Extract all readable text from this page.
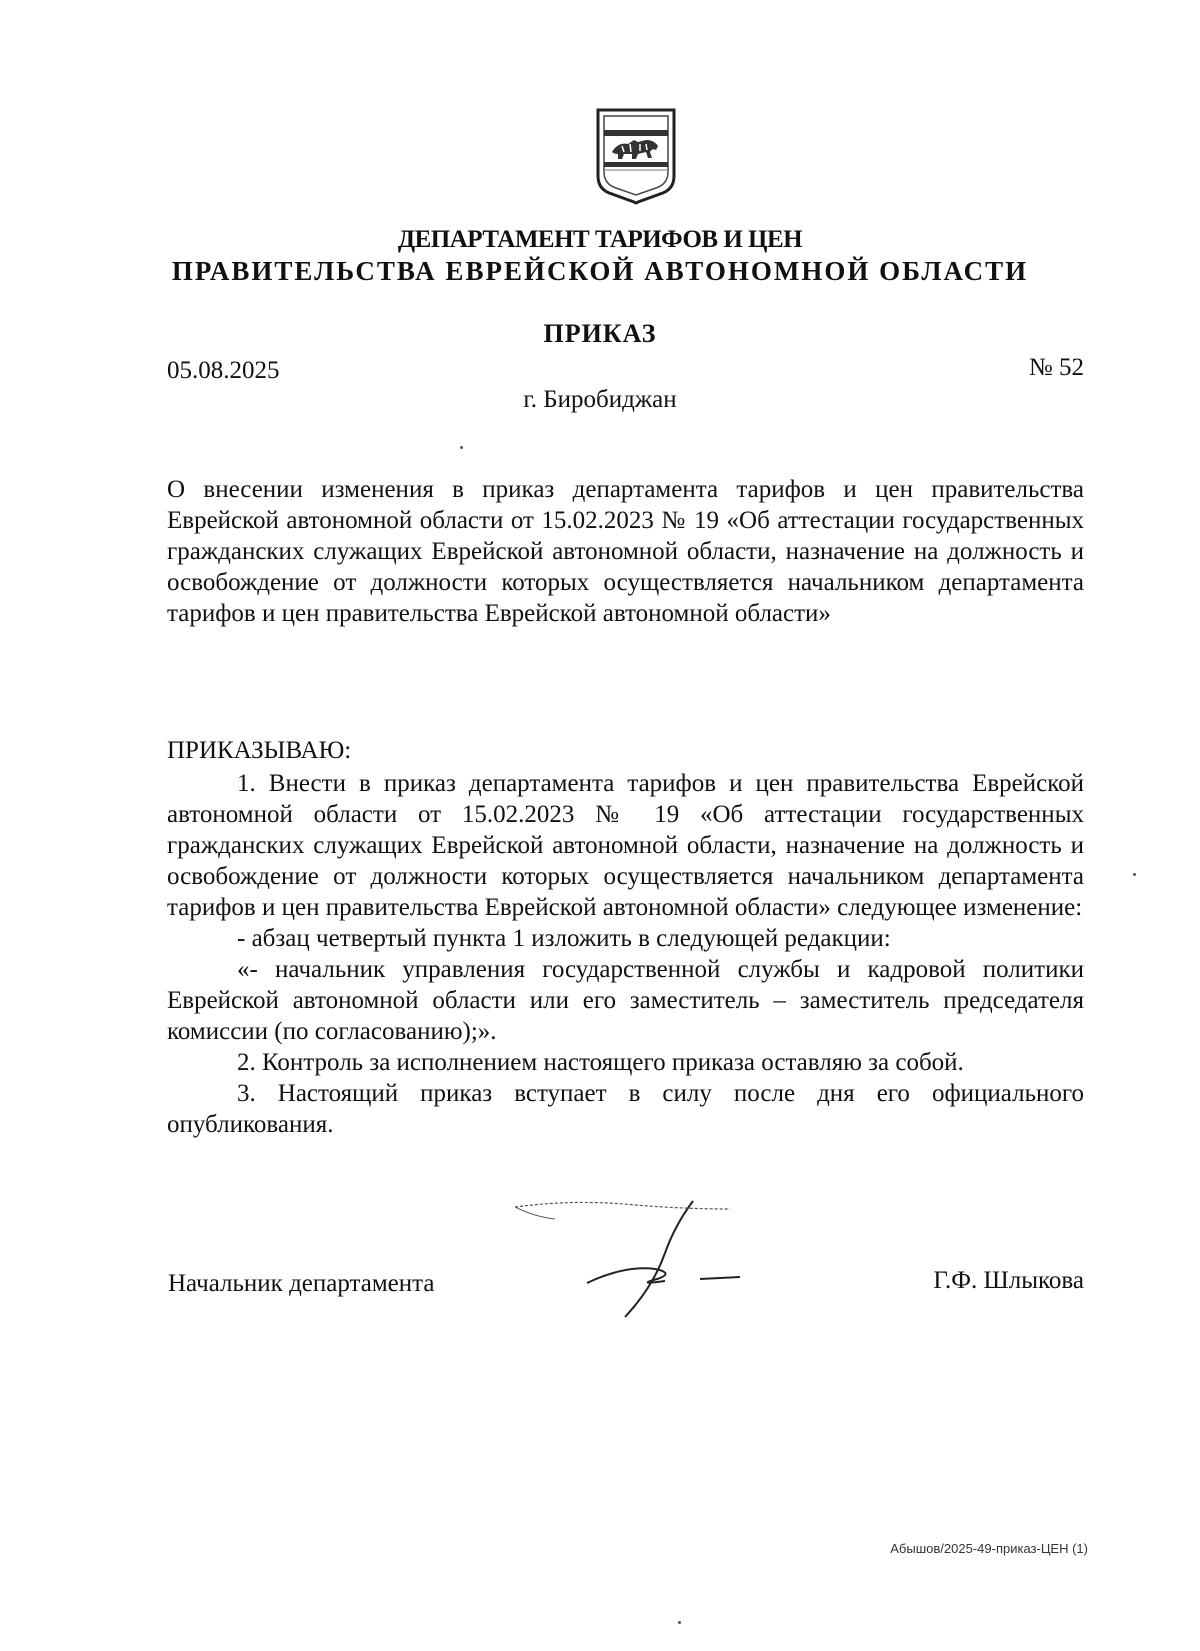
ДЕПАРТАМЕНТ ТАРИФОВ И ЦЕН

ПРАВИТЕЛЬСТВА ЕВРЕЙСКОЙ АВТОНОМНОЙ ОБЛАСТИ

ПРИКАЗ

05.08.2025	№ 52
г. Биробиджан

О внесении изменения в приказ департамента тарифов и цен правительства Еврейской автономной области от 15.02.2023 № 19 «Об аттестации государственных гражданских служащих Еврейской автономной области, назначение на должность и освобождение от должности которых осуществляется начальником департамента тарифов и цен правительства Еврейской автономной области»

ПРИКАЗЫВАЮ:

1. Внести в приказ департамента тарифов и цен правительства Еврейской автономной области от 15.02.2023 № 19 «Об аттестации государственных гражданских служащих Еврейской автономной области, назначение на должность и освобождение от должности которых осуществляется начальником департамента тарифов и цен правительства Еврейской автономной области» следующее изменение:

- абзац четвертый пункта 1 изложить в следующей редакции:

«- начальник управления государственной службы и кадровой политики Еврейской автономной области или его заместитель – заместитель председателя комиссии (по согласованию);».

2. Контроль за исполнением настоящего приказа оставляю за собой.

3. Настоящий приказ вступает в силу после дня его официального опубликования.

Начальник департамента	Г.Ф. Шлыкова
Абышов/2025-49-приказ-ЦЕН (1)
